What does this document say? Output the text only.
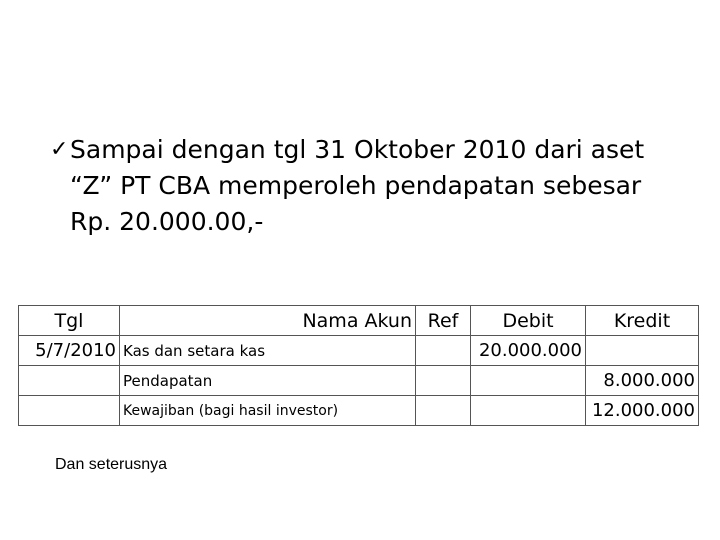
✓ Sampai dengan tgl 31 Oktober 2010 dari aset
“Z” PT CBA memperoleh pendapatan sebesar
Rp. 20.000.00,-
Tgl	Nama Akun	Ref	Debit	Kredit
5/7/2010	Kas dan setara kas		20.000.000	
	Pendapatan			8.000.000
	Kewajiban (bagi hasil investor)			12.000.000
Dan seterusnya
